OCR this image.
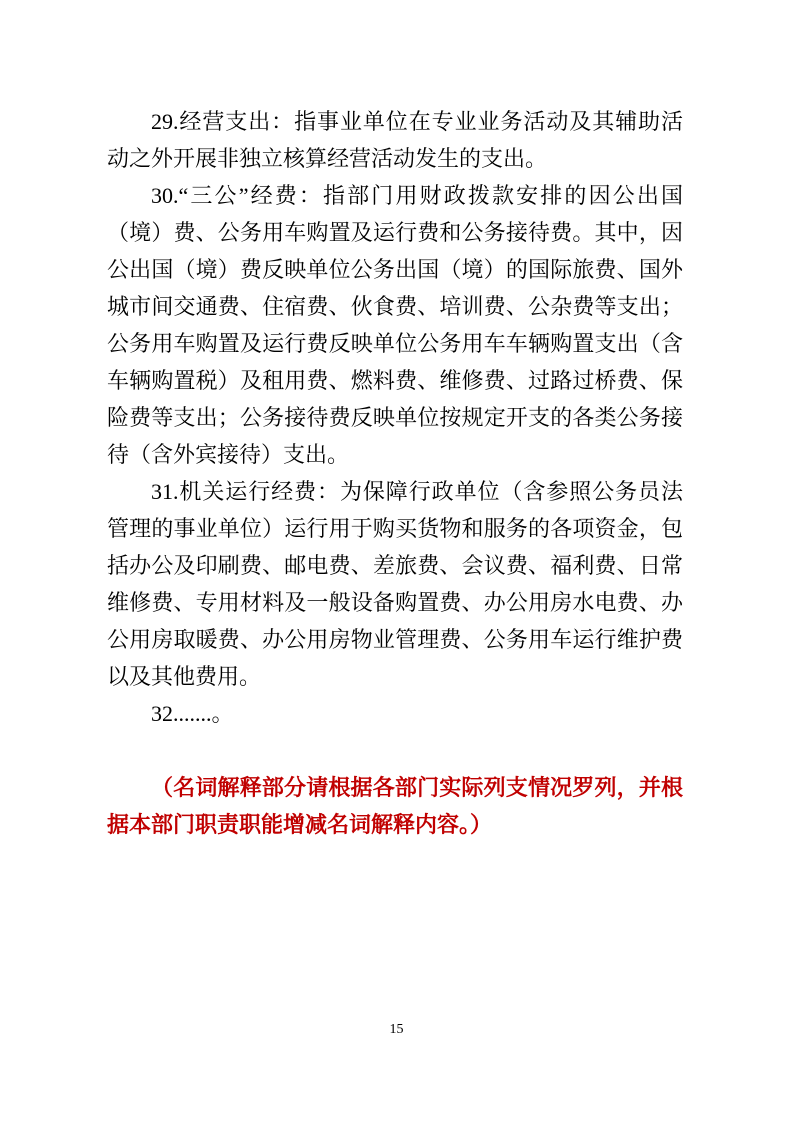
29.经营支出：指事业单位在专业业务活动及其辅助活动之外开展非独立核算经营活动发生的支出。

30.“三公”经费：指部门用财政拨款安排的因公出国（境）费、公务用车购置及运行费和公务接待费。其中，因公出国（境）费反映单位公务出国（境）的国际旅费、国外城市间交通费、住宿费、伙食费、培训费、公杂费等支出；公务用车购置及运行费反映单位公务用车车辆购置支出（含车辆购置税）及租用费、燃料费、维修费、过路过桥费、保险费等支出；公务接待费反映单位按规定开支的各类公务接待（含外宾接待）支出。

31.机关运行经费：为保障行政单位（含参照公务员法管理的事业单位）运行用于购买货物和服务的各项资金，包括办公及印刷费、邮电费、差旅费、会议费、福利费、日常维修费、专用材料及一般设备购置费、办公用房水电费、办公用房取暖费、办公用房物业管理费、公务用车运行维护费以及其他费用。

32.......。

（名词解释部分请根据各部门实际列支情况罗列，并根据本部门职责职能增减名词解释内容。）

15
